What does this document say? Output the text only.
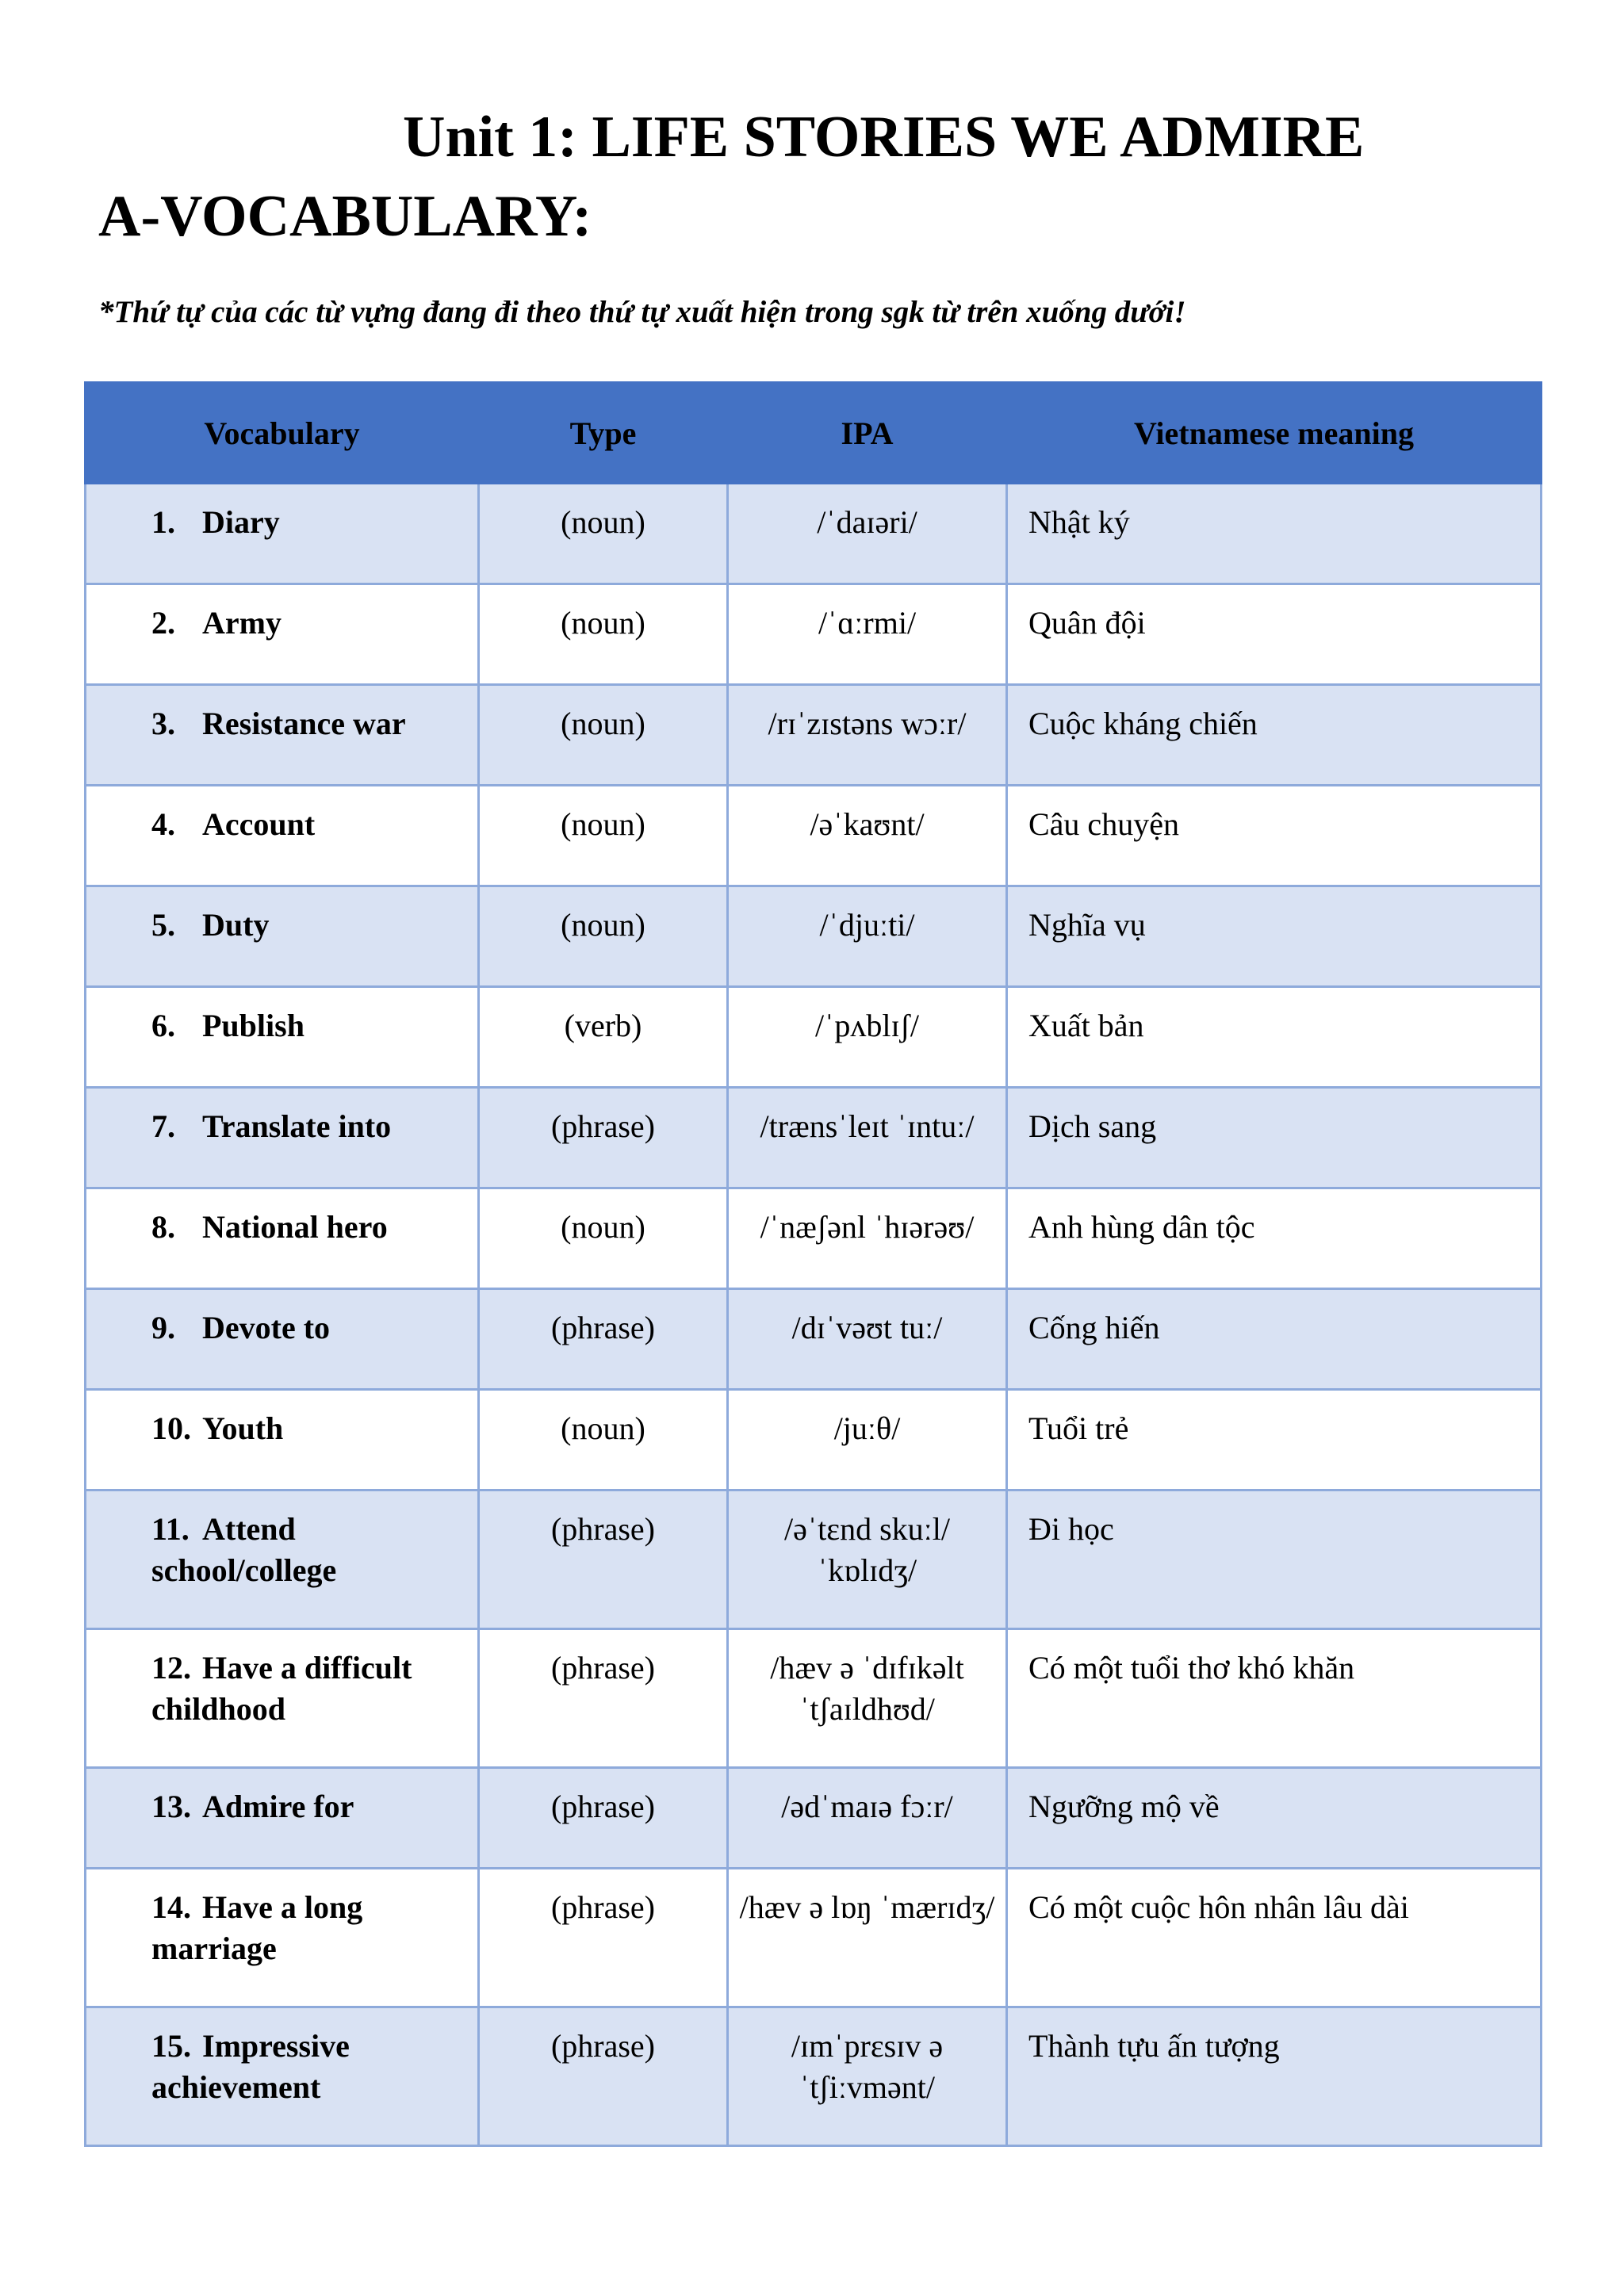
Unit 1: LIFE STORIES WE ADMIRE
A-VOCABULARY:

*Thứ tự của các từ vựng đang đi theo thứ tự xuất hiện trong sgk từ trên xuống dưới!

Vocabulary	Type	IPA	Vietnamese meaning
1. Diary	(noun)	/ˈdaɪəri/	Nhật ký
2. Army	(noun)	/ˈɑːrmi/	Quân đội
3. Resistance war	(noun)	/rɪˈzɪstəns wɔːr/	Cuộc kháng chiến
4. Account	(noun)	/əˈkaʊnt/	Câu chuyện
5. Duty	(noun)	/ˈdjuːti/	Nghĩa vụ
6. Publish	(verb)	/ˈpʌblɪʃ/	Xuất bản
7. Translate into	(phrase)	/trænsˈleɪt ˈɪntuː/	Dịch sang
8. National hero	(noun)	/ˈnæʃənl ˈhɪərəʊ/	Anh hùng dân tộc
9. Devote to	(phrase)	/dɪˈvəʊt tuː/	Cống hiến
10. Youth	(noun)	/juːθ/	Tuổi trẻ
11. Attend school/college	(phrase)	/əˈtɛnd skuːl/ˈkɒlɪdʒ/	Đi học
12. Have a difficult childhood	(phrase)	/hæv ə ˈdɪfɪkəlt ˈtʃaɪldhʊd/	Có một tuổi thơ khó khăn
13. Admire for	(phrase)	/ədˈmaɪə fɔːr/	Ngưỡng mộ về
14. Have a long marriage	(phrase)	/hæv ə lɒŋ ˈmærɪdʒ/	Có một cuộc hôn nhân lâu dài
15. Impressive achievement	(phrase)	/ɪmˈprɛsɪv əˈtʃiːvmənt/	Thành tựu ấn tượng
